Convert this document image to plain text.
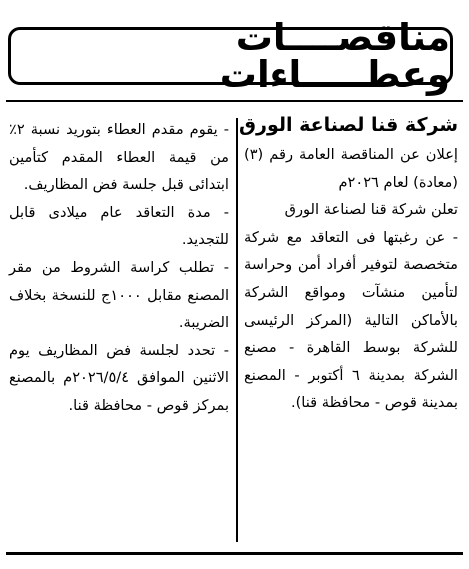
مناقصــــات وعطـــــاءات
شركة قنا لصناعة الورق

إعلان عن المناقصة العامة رقم (٣) (معادة) لعام ٢٠٢٦م

تعلن شركة قنا لصناعة الورق

- عن رغبتها فى التعاقد مع شركة متخصصة لتوفير أفراد أمن وحراسة لتأمين منشآت ومواقع الشركة بالأماكن التالية (المركز الرئيسى للشركة بوسط القاهرة - مصنع الشركة بمدينة ٦ أكتوبر - المصنع بمدينة قوص - محافظة قنا).

- يقوم مقدم العطاء بتوريد نسبة ٢٪ من قيمة العطاء المقدم كتأمين ابتدائى قبل جلسة فض المظاريف.

- مدة التعاقد عام ميلادى قابل للتجديد.

- تطلب كراسة الشروط من مقر المصنع مقابل ١٠٠٠ج للنسخة بخلاف الضريبة.

- تحدد لجلسة فض المظاريف يوم الاثنين الموافق ٢٠٢٦/٥/٤م بالمصنع بمركز قوص - محافظة قنا.
